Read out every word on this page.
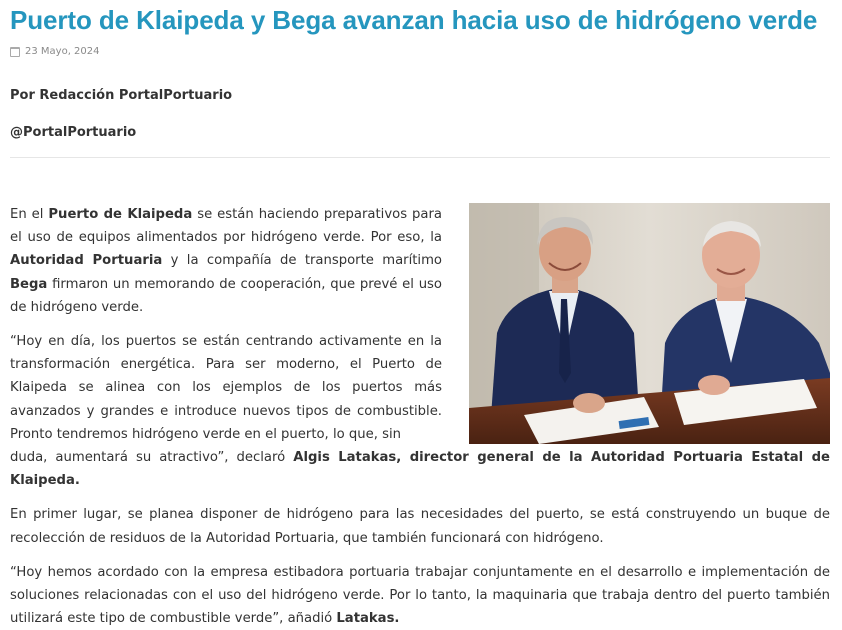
Puerto de Klaipeda y Bega avanzan hacia uso de hidrógeno verde
23 Mayo, 2024
Por Redacción PortalPortuario
@PortalPortuario

En el Puerto de Klaipeda se están haciendo preparativos para el uso de equipos alimentados por hidrógeno verde. Por eso, la Autoridad Portuaria y la compañía de transporte marítimo Bega firmaron un memorando de cooperación, que prevé el uso de hidrógeno verde.

“Hoy en día, los puertos se están centrando activamente en la transformación energética. Para ser moderno, el Puerto de Klaipeda se alinea con los ejemplos de los puertos más avanzados y grandes e introduce nuevos tipos de combustible. Pronto tendremos hidrógeno verde en el puerto, lo que, sin

duda, aumentará su atractivo”, declaró Algis Latakas, director general de la Autoridad Portuaria Estatal de Klaipeda.

En primer lugar, se planea disponer de hidrógeno para las necesidades del puerto, se está construyendo un buque de recolección de residuos de la Autoridad Portuaria, que también funcionará con hidrógeno.

“Hoy hemos acordado con la empresa estibadora portuaria trabajar conjuntamente en el desarrollo e implementación de soluciones relacionadas con el uso del hidrógeno verde. Por lo tanto, la maquinaria que trabaja dentro del puerto también utilizará este tipo de combustible verde”, añadió Latakas.
